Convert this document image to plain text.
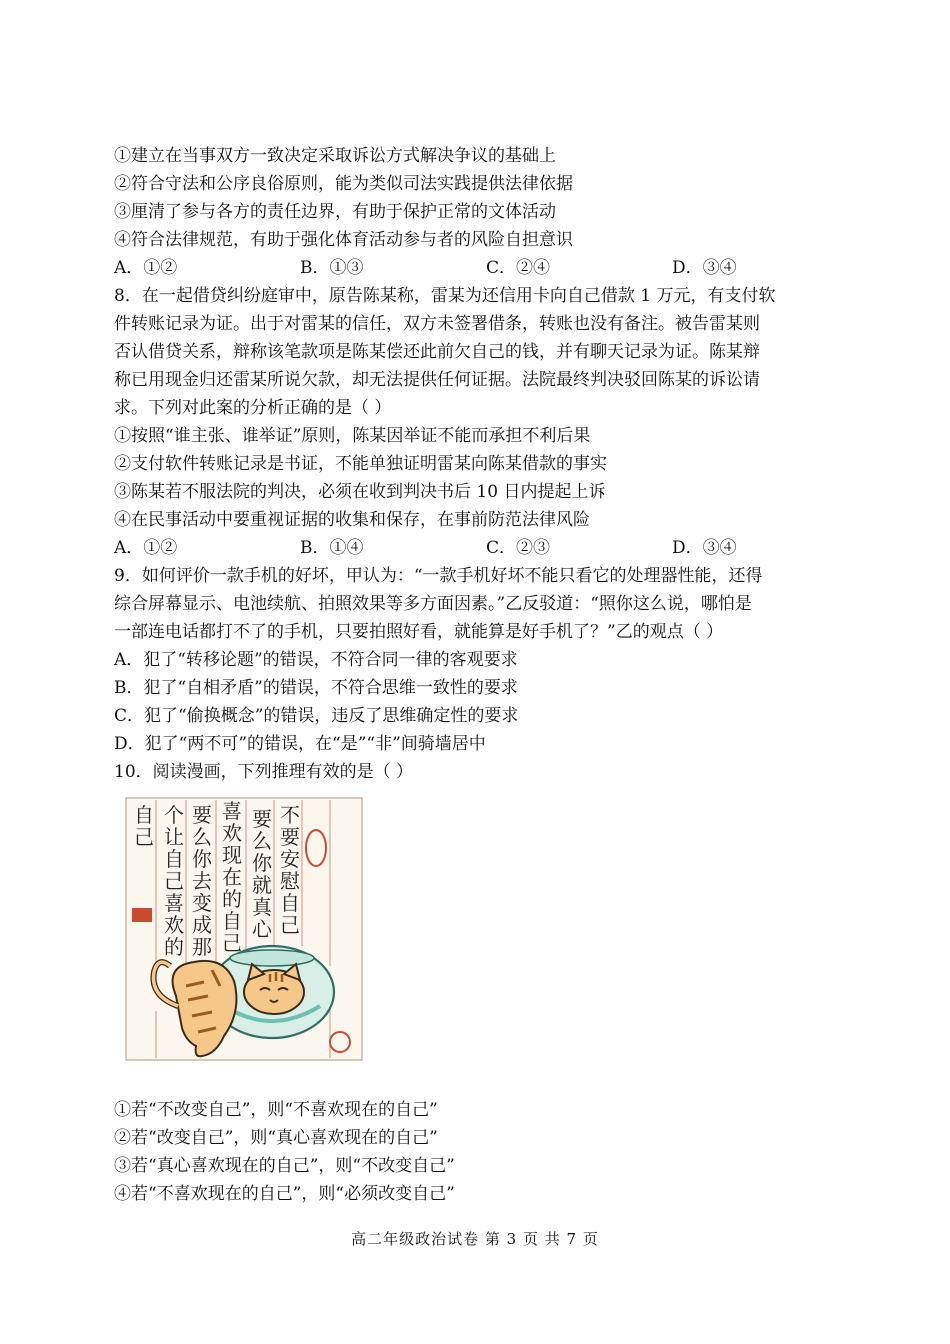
①建立在当事双方一致决定采取诉讼方式解决争议的基础上
②符合守法和公序良俗原则，能为类似司法实践提供法律依据
③厘清了参与各方的责任边界，有助于保护正常的文体活动
④符合法律规范，有助于强化体育活动参与者的风险自担意识
A．①②	B．①③	C．②④	D．③④
8．在一起借贷纠纷庭审中，原告陈某称，雷某为还信用卡向自己借款 1 万元，有支付软
件转账记录为证。出于对雷某的信任，双方未签署借条，转账也没有备注。被告雷某则
否认借贷关系，辩称该笔款项是陈某偿还此前欠自己的钱，并有聊天记录为证。陈某辩
称已用现金归还雷某所说欠款，却无法提供任何证据。法院最终判决驳回陈某的诉讼请
求。下列对此案的分析正确的是（ ）
①按照“谁主张、谁举证”原则，陈某因举证不能而承担不利后果
②支付软件转账记录是书证，不能单独证明雷某向陈某借款的事实
③陈某若不服法院的判决，必须在收到判决书后 10 日内提起上诉
④在民事活动中要重视证据的收集和保存，在事前防范法律风险
A．①②	B．①④	C．②③	D．③④
9．如何评价一款手机的好坏，甲认为：“一款手机好坏不能只看它的处理器性能，还得
综合屏幕显示、电池续航、拍照效果等多方面因素。”乙反驳道：“照你这么说，哪怕是
一部连电话都打不了的手机，只要拍照好看，就能算是好手机了？”乙的观点（ ）
A．犯了“转移论题”的错误，不符合同一律的客观要求
B．犯了“自相矛盾”的错误，不符合思维一致性的要求
C．犯了“偷换概念”的错误，违反了思维确定性的要求
D．犯了“两不可”的错误，在“是”“非”间骑墙居中
10．阅读漫画，下列推理有效的是（ ）
不要安慰自己
要么你就真心
喜欢现在的自己
要么你去变成那
个让自己喜欢的
自己
①若“不改变自己”，则“不喜欢现在的自己”
②若“改变自己”，则“真心喜欢现在的自己”
③若“真心喜欢现在的自己”，则“不改变自己”
④若“不喜欢现在的自己”，则“必须改变自己”
高二年级政治试卷 第 3 页 共 7 页
